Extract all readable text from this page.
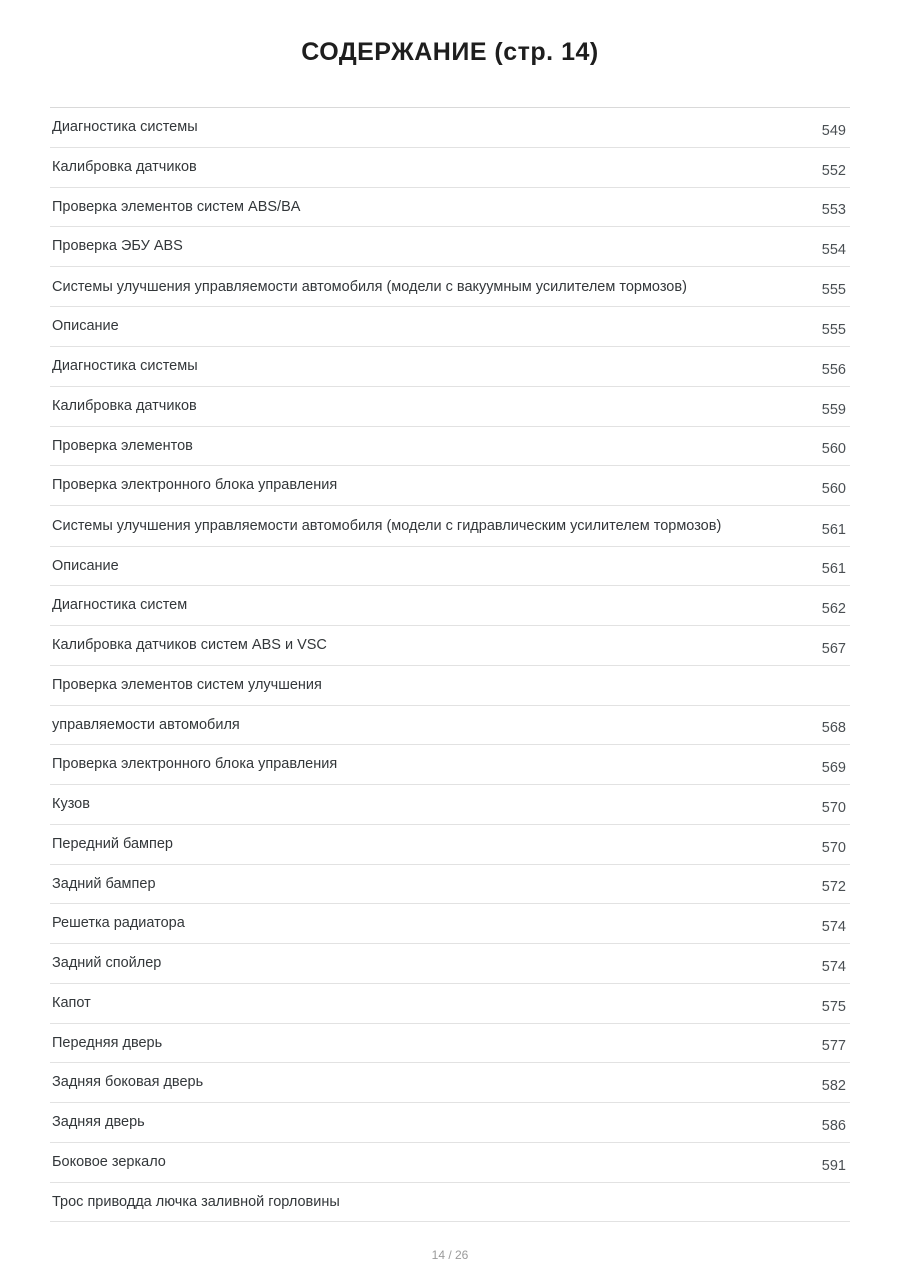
СОДЕРЖАНИЕ (стр. 14)
Диагностика системы	549
Калибровка датчиков	552
Проверка элементов систем ABS/BA	553
Проверка ЭБУ ABS	554
Системы улучшения управляемости автомобиля (модели с вакуумным усилителем тормозов)	555
Описание	555
Диагностика системы	556
Калибровка датчиков	559
Проверка элементов	560
Проверка электронного блока управления	560
Системы улучшения управляемости автомобиля (модели с гидравлическим усилителем тормозов)	561
Описание	561
Диагностика систем	562
Калибровка датчиков систем ABS и VSC	567
Проверка элементов систем улучшения
управляемости автомобиля	568
Проверка электронного блока управления	569
Кузов	570
Передний бампер	570
Задний бампер	572
Решетка радиатора	574
Задний спойлер	574
Капот	575
Передняя дверь	577
Задняя боковая дверь	582
Задняя дверь	586
Боковое зеркало	591
Трос приводда лючка заливной горловины
14 / 26
